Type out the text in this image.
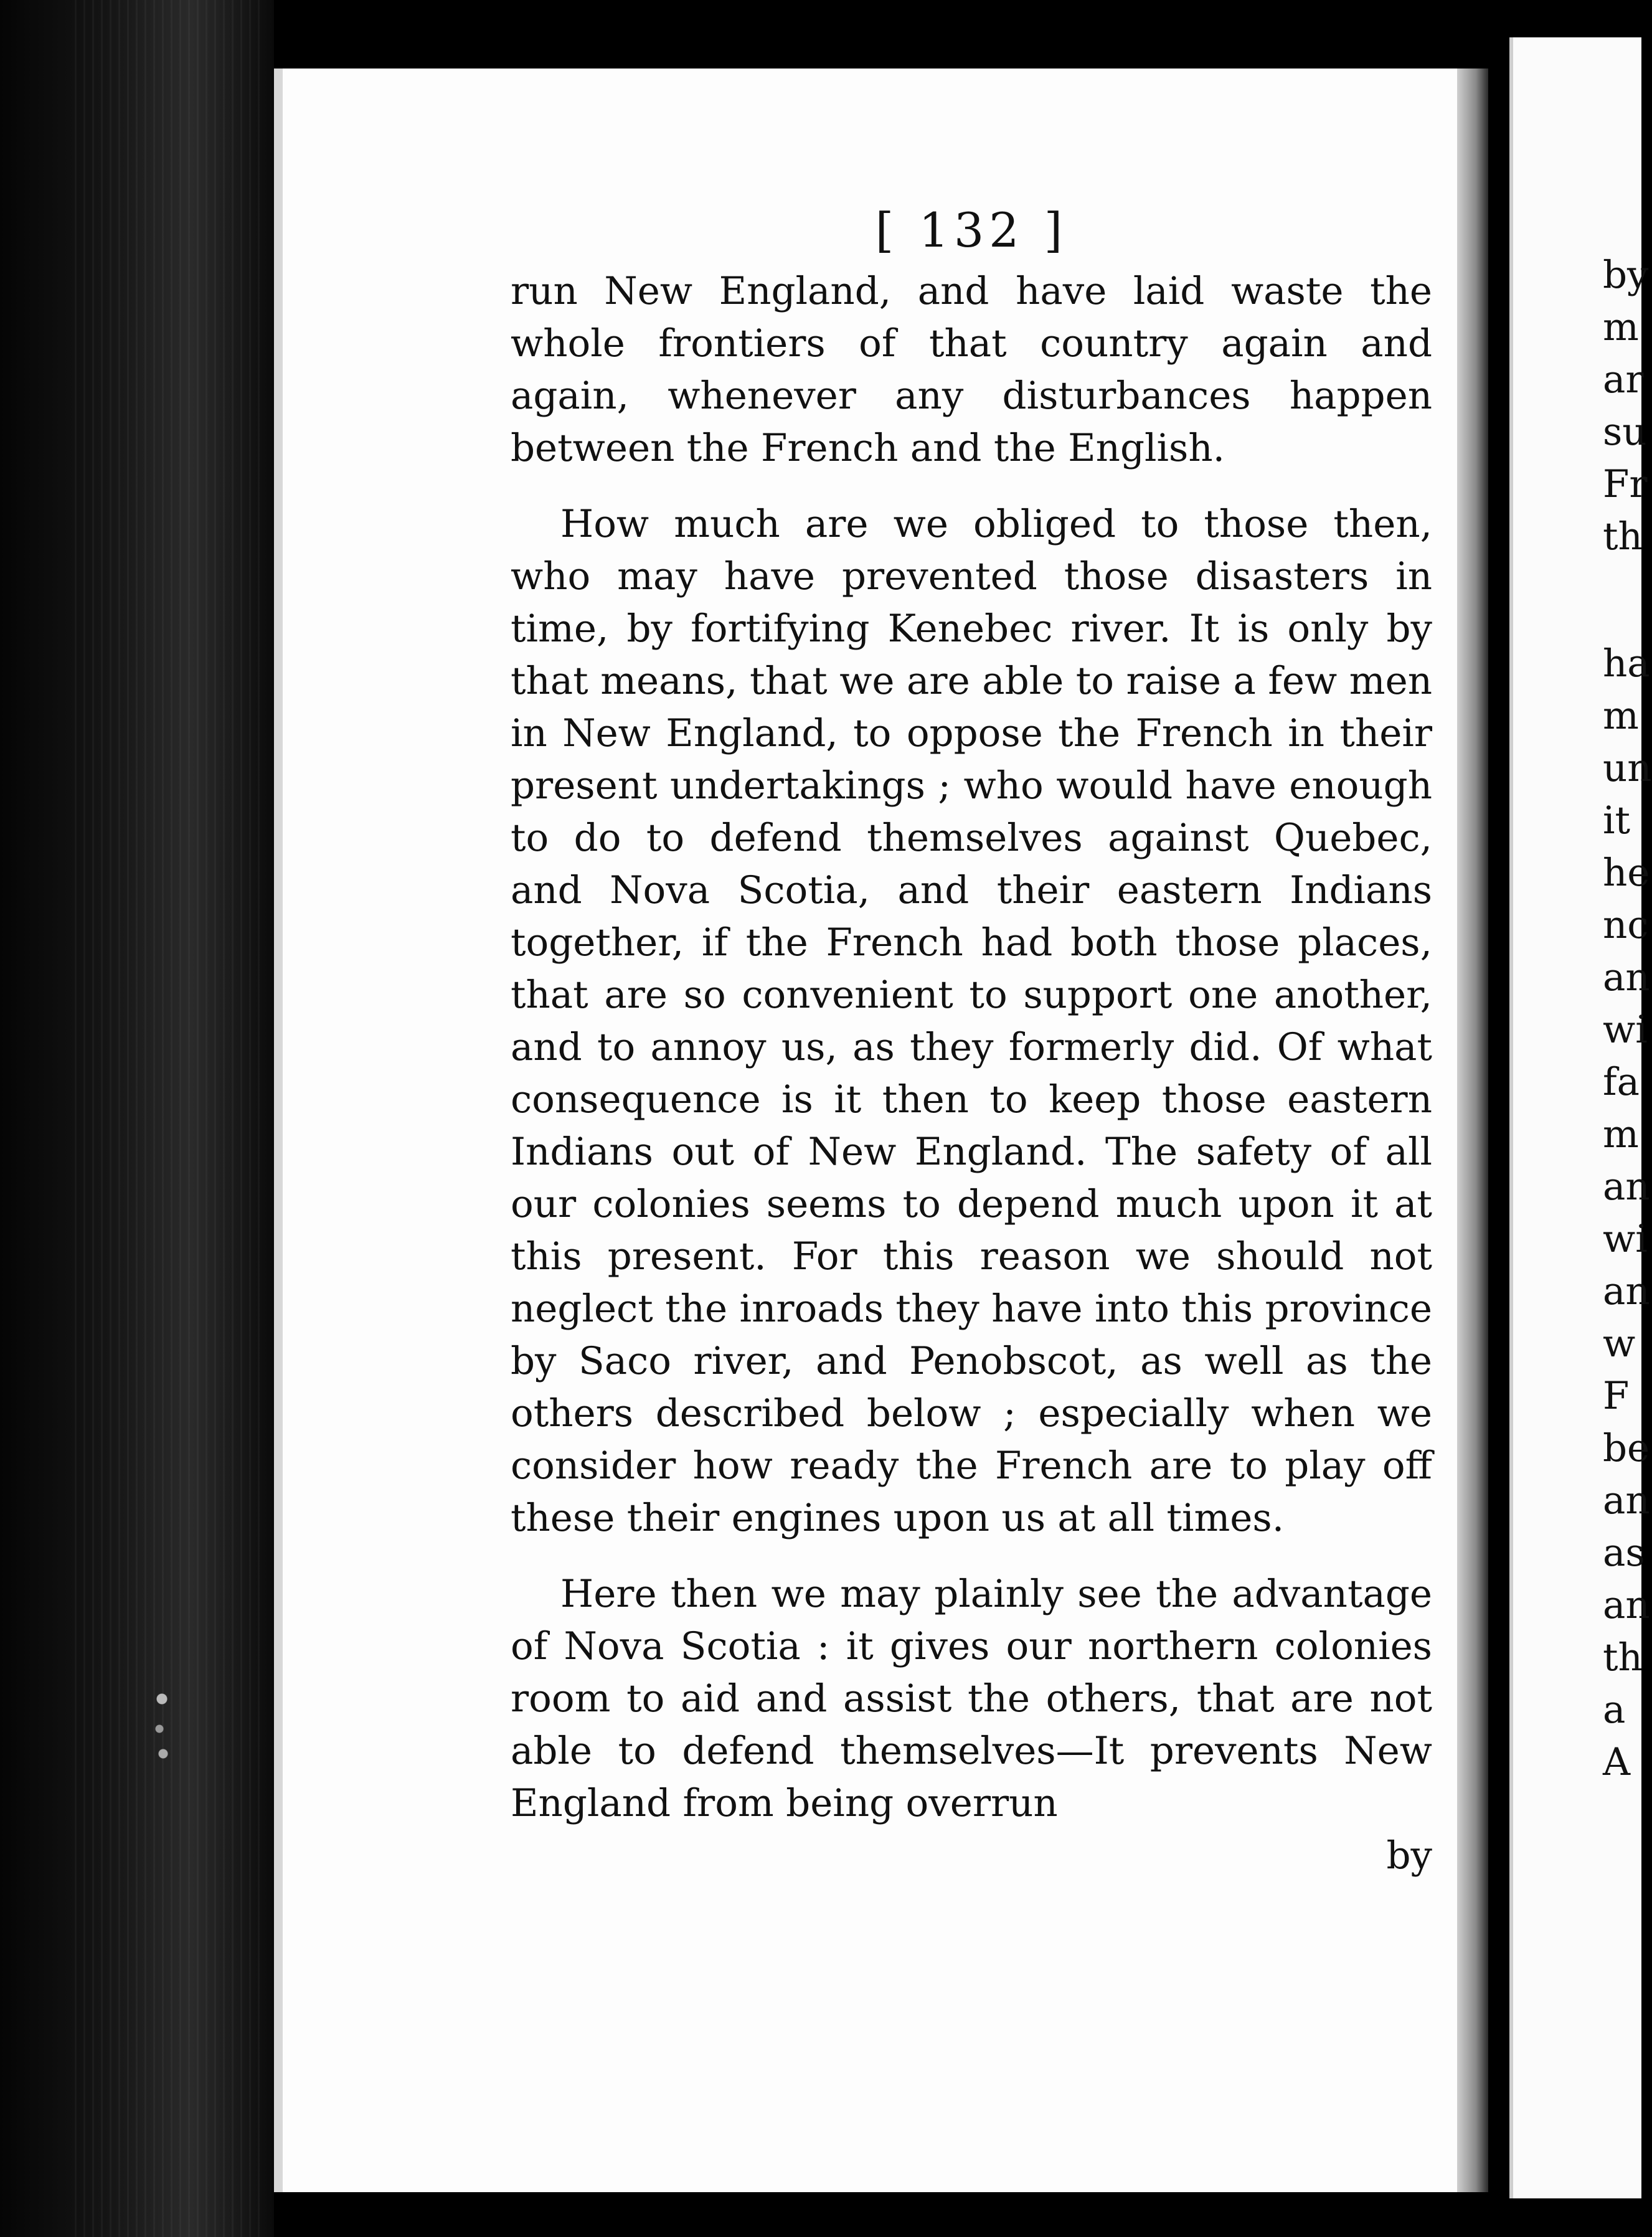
[ 132 ]

run New England, and have laid waste the whole frontiers of that country again and again, whenever any disturbances happen between the French and the English.

How much are we obliged to those then, who may have prevented those disasters in time, by fortifying Kenebec river. It is only by that means, that we are able to raise a few men in New England, to oppose the French in their present undertakings ; who would have enough to do to defend themselves against Quebec, and Nova Scotia, and their eastern Indians together, if the French had both those places, that are so convenient to support one another, and to annoy us, as they formerly did. Of what consequence is it then to keep those eastern Indians out of New England. The safety of all our colonies seems to depend much upon it at this present. For this reason we should not neglect the inroads they have into this province by Saco river, and Penobscot, as well as the others described below ; especially when we consider how ready the French are to play off these their engines upon us at all times.

Here then we may plainly see the advantage of Nova Scotia : it gives our northern colonies room to aid and assist the others, that are not able to defend themselves—It prevents New England from being overrun

by
by
m
ar
su
Fr
th
ha
m
un
it
he
nc
an
wi
fa
m
an
wi
an
w
F
be
an
as
an
th
a
A
